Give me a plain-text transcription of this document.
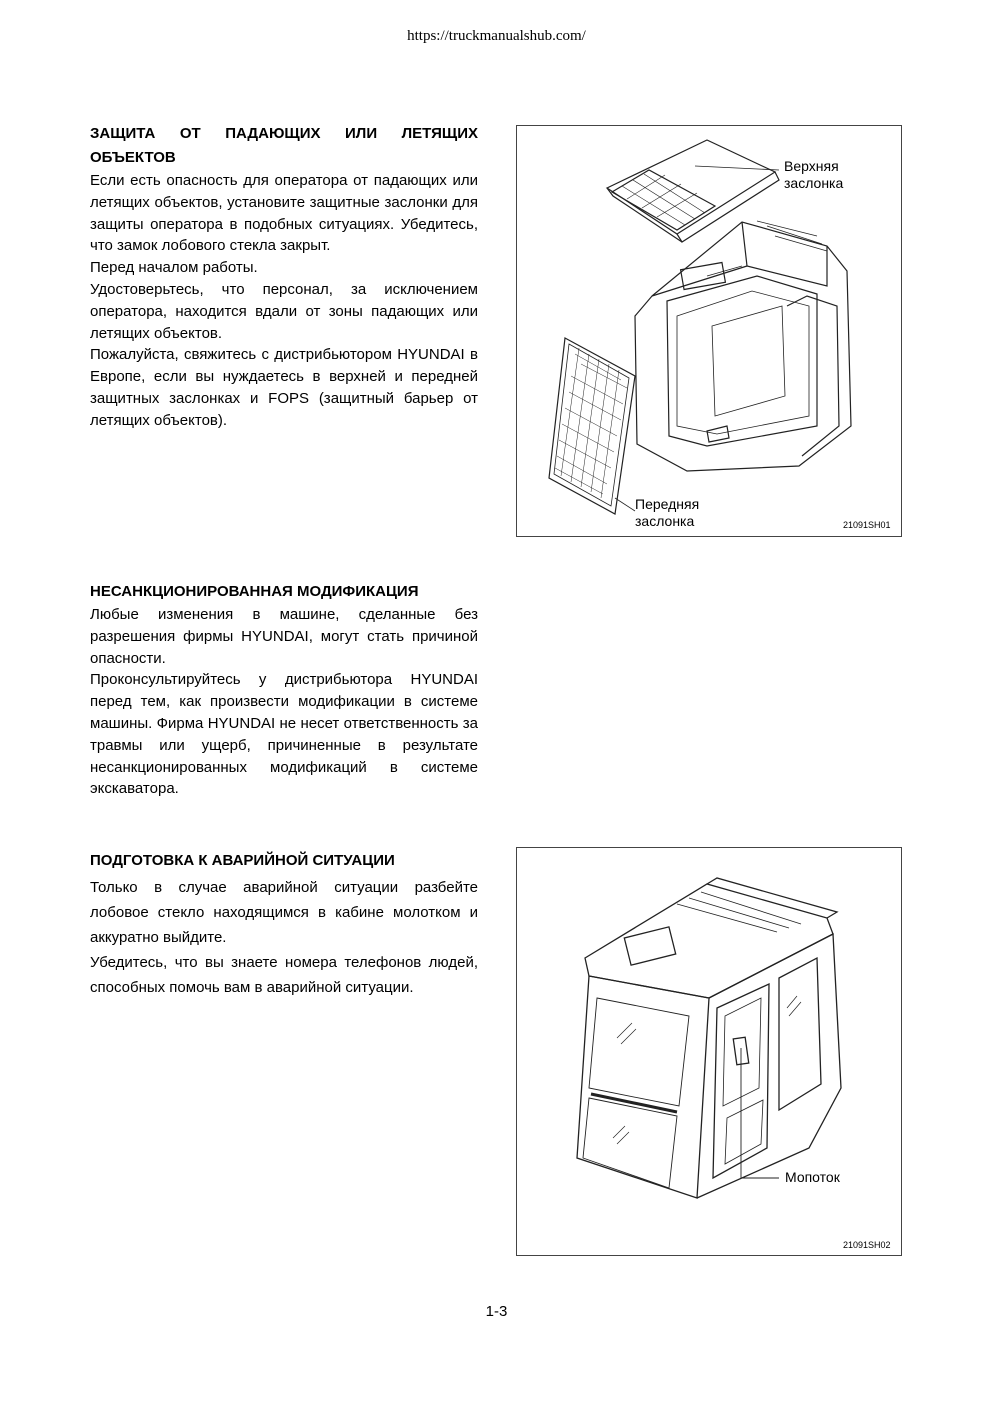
https://truckmanualshub.com/
ЗАЩИТА ОТ ПАДАЮЩИХ ИЛИ ЛЕТЯЩИХ ОБЪЕКТОВ

Если есть опасность для оператора от падающих или летящих объектов, установите защитные заслонки для защиты оператора в подобных ситуациях. Убедитесь, что замок лобового стекла закрыт.

Перед началом работы.

Удостоверьтесь, что персонал, за исключением оператора, находится вдали от зоны падающих или летящих объектов.

Пожалуйста, свяжитесь с дистрибьютором HYUNDAI в Европе, если вы нуждаетесь в верхней и передней защитных заслонках и FOPS (защитный барьер от летящих объектов).

Верхняя
заслонка
Передняя
заслонка	21091SH01
НЕСАНКЦИОНИРОВАННАЯ МОДИФИКАЦИЯ

Любые изменения в машине, сделанные без разрешения фирмы HYUNDAI, могут стать причиной опасности.

Проконсультируйтесь у дистрибьютора HYUNDAI перед тем, как произвести модификации в системе машины. Фирма HYUNDAI не несет ответственность за травмы или ущерб, причиненные в результате несанкционированных модификаций в системе экскаватора.

ПОДГОТОВКА К АВАРИЙНОЙ СИТУАЦИИ

Только в случае аварийной ситуации разбейте лобовое стекло находящимся в кабине молотком и аккуратно выйдите.

Убедитесь, что вы знаете номера телефонов людей, способных помочь вам в аварийной ситуации.

Мопоток
21091SH02
1-3
